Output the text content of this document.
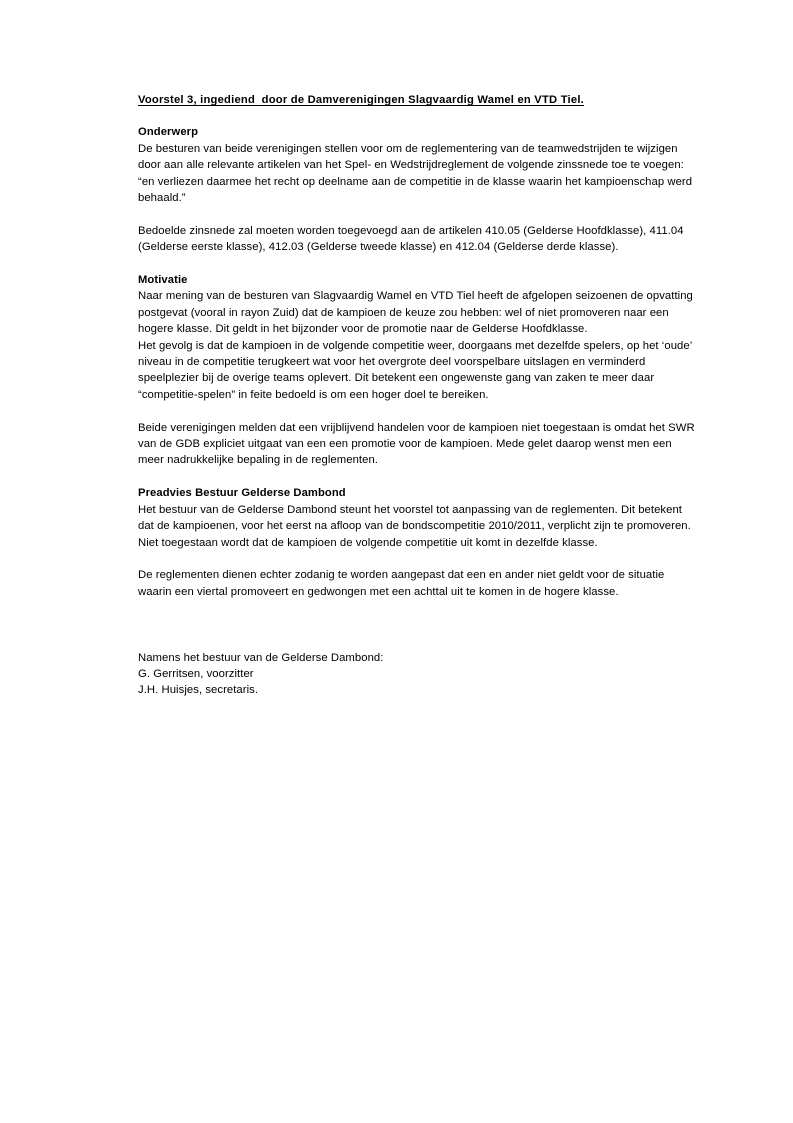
Voorstel 3, ingediend  door de Damverenigingen Slagvaardig Wamel en VTD Tiel.
Onderwerp

De besturen van beide verenigingen stellen voor om de reglementering van de teamwedstrijden te wijzigen door aan alle relevante artikelen van het Spel- en Wedstrijdreglement de volgende zinssnede toe te voegen: “en verliezen daarmee het recht op deelname aan de competitie in de klasse waarin het kampioenschap werd behaald.”

Bedoelde zinsnede zal moeten worden toegevoegd aan de artikelen 410.05 (Gelderse Hoofdklasse), 411.04 (Gelderse eerste klasse), 412.03 (Gelderse tweede klasse) en 412.04 (Gelderse derde klasse).

Motivatie

Naar mening van de besturen van Slagvaardig Wamel en VTD Tiel heeft de afgelopen seizoenen de opvatting postgevat (vooral in rayon Zuid) dat de kampioen de keuze zou hebben: wel of niet promoveren naar een hogere klasse. Dit geldt in het bijzonder voor de promotie naar de Gelderse Hoofdklasse.

Het gevolg is dat de kampioen in de volgende competitie weer, doorgaans met dezelfde spelers, op het ‘oude’ niveau in de competitie terugkeert wat voor het overgrote deel voorspelbare uitslagen en verminderd speelplezier bij de overige teams oplevert. Dit betekent een ongewenste gang van zaken te meer daar “competitie-spelen” in feite bedoeld is om een hoger doel te bereiken.

Beide verenigingen melden dat een vrijblijvend handelen voor de kampioen niet toegestaan is omdat het SWR van de GDB expliciet uitgaat van een een promotie voor de kampioen. Mede gelet daarop wenst men een meer nadrukkelijke bepaling in de reglementen.

Preadvies Bestuur Gelderse Dambond

Het bestuur van de Gelderse Dambond steunt het voorstel tot aanpassing van de reglementen. Dit betekent dat de kampioenen, voor het eerst na afloop van de bondscompetitie 2010/2011, verplicht zijn te promoveren. Niet toegestaan wordt dat de kampioen de volgende competitie uit komt in dezelfde klasse.

De reglementen dienen echter zodanig te worden aangepast dat een en ander niet geldt voor de situatie waarin een viertal promoveert en gedwongen met een achttal uit te komen in de hogere klasse.

Namens het bestuur van de Gelderse Dambond:

G. Gerritsen, voorzitter

J.H. Huisjes, secretaris.
